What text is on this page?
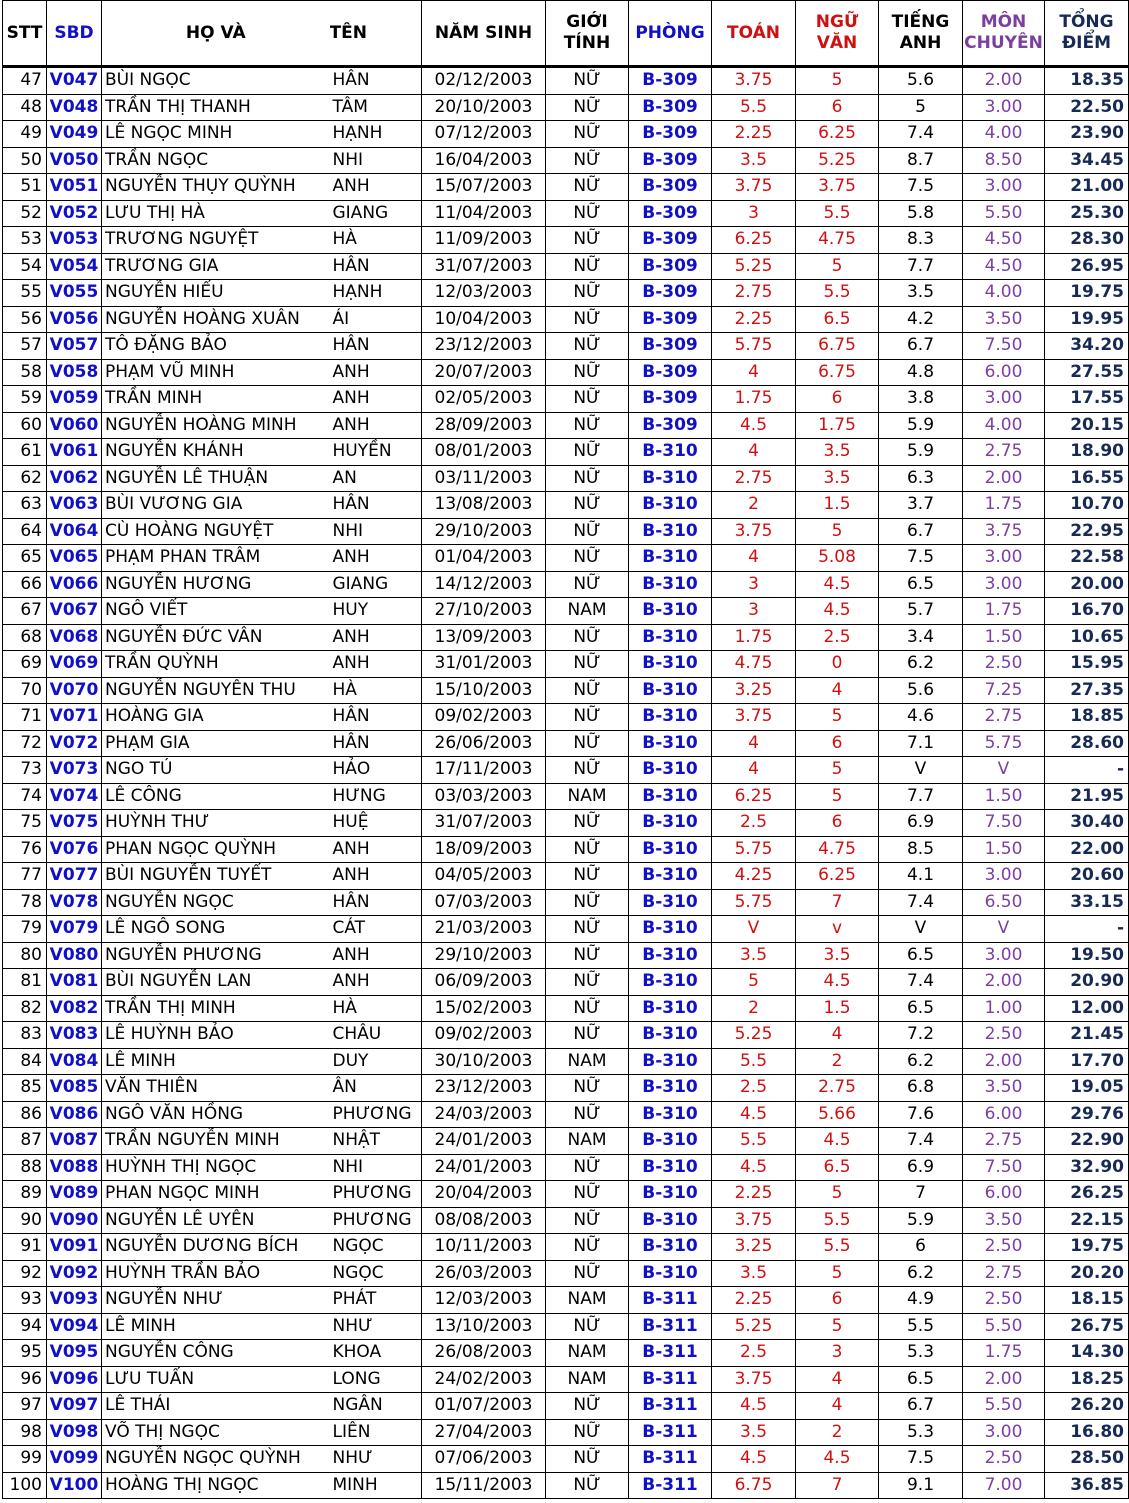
STT	SBD	HỌ VÀ	TÊN	NĂM SINH	GIỚI TÍNH	PHÒNG	TOÁN	NGỮ VĂN	TIẾNG ANH	MÔN CHUYÊN	TỔNG ĐIỂM
47	V047	BÙI NGỌC	HÂN	02/12/2003	NỮ	B-309	3.75	5	5.6	2.00	18.35
48	V048	TRẦN THỊ THANH	TÂM	20/10/2003	NỮ	B-309	5.5	6	5	3.00	22.50
49	V049	LÊ NGỌC MINH	HẠNH	07/12/2003	NỮ	B-309	2.25	6.25	7.4	4.00	23.90
50	V050	TRẦN NGỌC	NHI	16/04/2003	NỮ	B-309	3.5	5.25	8.7	8.50	34.45
51	V051	NGUYỄN THỤY QUỲNH	ANH	15/07/2003	NỮ	B-309	3.75	3.75	7.5	3.00	21.00
52	V052	LƯU THỊ HÀ	GIANG	11/04/2003	NỮ	B-309	3	5.5	5.8	5.50	25.30
53	V053	TRƯƠNG NGUYỆT	HÀ	11/09/2003	NỮ	B-309	6.25	4.75	8.3	4.50	28.30
54	V054	TRƯƠNG GIA	HÂN	31/07/2003	NỮ	B-309	5.25	5	7.7	4.50	26.95
55	V055	NGUYỄN HIẾU	HẠNH	12/03/2003	NỮ	B-309	2.75	5.5	3.5	4.00	19.75
56	V056	NGUYỄN HOÀNG XUÂN	ÁI	10/04/2003	NỮ	B-309	2.25	6.5	4.2	3.50	19.95
57	V057	TÔ ĐẶNG BẢO	HÂN	23/12/2003	NỮ	B-309	5.75	6.75	6.7	7.50	34.20
58	V058	PHẠM VŨ MINH	ANH	20/07/2003	NỮ	B-309	4	6.75	4.8	6.00	27.55
59	V059	TRẦN MINH	ANH	02/05/2003	NỮ	B-309	1.75	6	3.8	3.00	17.55
60	V060	NGUYỄN HOÀNG MINH	ANH	28/09/2003	NỮ	B-309	4.5	1.75	5.9	4.00	20.15
61	V061	NGUYỄN KHÁNH	HUYỀN	08/01/2003	NỮ	B-310	4	3.5	5.9	2.75	18.90
62	V062	NGUYỄN LÊ THUẬN	AN	03/11/2003	NỮ	B-310	2.75	3.5	6.3	2.00	16.55
63	V063	BÙI VƯƠNG GIA	HÂN	13/08/2003	NỮ	B-310	2	1.5	3.7	1.75	10.70
64	V064	CÙ HOÀNG NGUYỆT	NHI	29/10/2003	NỮ	B-310	3.75	5	6.7	3.75	22.95
65	V065	PHẠM PHAN TRÂM	ANH	01/04/2003	NỮ	B-310	4	5.08	7.5	3.00	22.58
66	V066	NGUYỄN HƯƠNG	GIANG	14/12/2003	NỮ	B-310	3	4.5	6.5	3.00	20.00
67	V067	NGÔ VIẾT	HUY	27/10/2003	NAM	B-310	3	4.5	5.7	1.75	16.70
68	V068	NGUYỄN ĐỨC VÂN	ANH	13/09/2003	NỮ	B-310	1.75	2.5	3.4	1.50	10.65
69	V069	TRẦN QUỲNH	ANH	31/01/2003	NỮ	B-310	4.75	0	6.2	2.50	15.95
70	V070	NGUYỄN NGUYÊN THU	HÀ	15/10/2003	NỮ	B-310	3.25	4	5.6	7.25	27.35
71	V071	HOÀNG GIA	HÂN	09/02/2003	NỮ	B-310	3.75	5	4.6	2.75	18.85
72	V072	PHẠM GIA	HÂN	26/06/2003	NỮ	B-310	4	6	7.1	5.75	28.60
73	V073	NGO TÚ	HẢO	17/11/2003	NỮ	B-310	4	5	V	V	-
74	V074	LÊ CÔNG	HƯNG	03/03/2003	NAM	B-310	6.25	5	7.7	1.50	21.95
75	V075	HUỲNH THƯ	HUỆ	31/07/2003	NỮ	B-310	2.5	6	6.9	7.50	30.40
76	V076	PHAN NGỌC QUỲNH	ANH	18/09/2003	NỮ	B-310	5.75	4.75	8.5	1.50	22.00
77	V077	BÙI NGUYỄN TUYẾT	ANH	04/05/2003	NỮ	B-310	4.25	6.25	4.1	3.00	20.60
78	V078	NGUYỄN NGỌC	HÂN	07/03/2003	NỮ	B-310	5.75	7	7.4	6.50	33.15
79	V079	LÊ NGÔ SONG	CÁT	21/03/2003	NỮ	B-310	V	v	V	V	-
80	V080	NGUYỄN PHƯƠNG	ANH	29/10/2003	NỮ	B-310	3.5	3.5	6.5	3.00	19.50
81	V081	BÙI NGUYỄN LAN	ANH	06/09/2003	NỮ	B-310	5	4.5	7.4	2.00	20.90
82	V082	TRẦN THỊ MINH	HÀ	15/02/2003	NỮ	B-310	2	1.5	6.5	1.00	12.00
83	V083	LÊ HUỲNH BẢO	CHÂU	09/02/2003	NỮ	B-310	5.25	4	7.2	2.50	21.45
84	V084	LÊ MINH	DUY	30/10/2003	NAM	B-310	5.5	2	6.2	2.00	17.70
85	V085	VĂN THIÊN	ÂN	23/12/2003	NỮ	B-310	2.5	2.75	6.8	3.50	19.05
86	V086	NGÔ VĂN HỒNG	PHƯƠNG	24/03/2003	NỮ	B-310	4.5	5.66	7.6	6.00	29.76
87	V087	TRẦN NGUYỄN MINH	NHẬT	24/01/2003	NAM	B-310	5.5	4.5	7.4	2.75	22.90
88	V088	HUỲNH THỊ NGỌC	NHI	24/01/2003	NỮ	B-310	4.5	6.5	6.9	7.50	32.90
89	V089	PHAN NGỌC MINH	PHƯƠNG	20/04/2003	NỮ	B-310	2.25	5	7	6.00	26.25
90	V090	NGUYỄN LÊ UYÊN	PHƯƠNG	08/08/2003	NỮ	B-310	3.75	5.5	5.9	3.50	22.15
91	V091	NGUYỄN DƯƠNG BÍCH	NGỌC	10/11/2003	NỮ	B-310	3.25	5.5	6	2.50	19.75
92	V092	HUỲNH TRẦN BẢO	NGỌC	26/03/2003	NỮ	B-310	3.5	5	6.2	2.75	20.20
93	V093	NGUYỄN NHƯ	PHÁT	12/03/2003	NAM	B-311	2.25	6	4.9	2.50	18.15
94	V094	LÊ MINH	NHƯ	13/10/2003	NỮ	B-311	5.25	5	5.5	5.50	26.75
95	V095	NGUYỄN CÔNG	KHOA	26/08/2003	NAM	B-311	2.5	3	5.3	1.75	14.30
96	V096	LƯU TUẤN	LONG	24/02/2003	NAM	B-311	3.75	4	6.5	2.00	18.25
97	V097	LÊ THÁI	NGÂN	01/07/2003	NỮ	B-311	4.5	4	6.7	5.50	26.20
98	V098	VÕ THỊ NGỌC	LIÊN	27/04/2003	NỮ	B-311	3.5	2	5.3	3.00	16.80
99	V099	NGUYỄN NGỌC QUỲNH	NHƯ	07/06/2003	NỮ	B-311	4.5	4.5	7.5	2.50	28.50
100	V100	HOÀNG THỊ NGỌC	MINH	15/11/2003	NỮ	B-311	6.75	7	9.1	7.00	36.85
